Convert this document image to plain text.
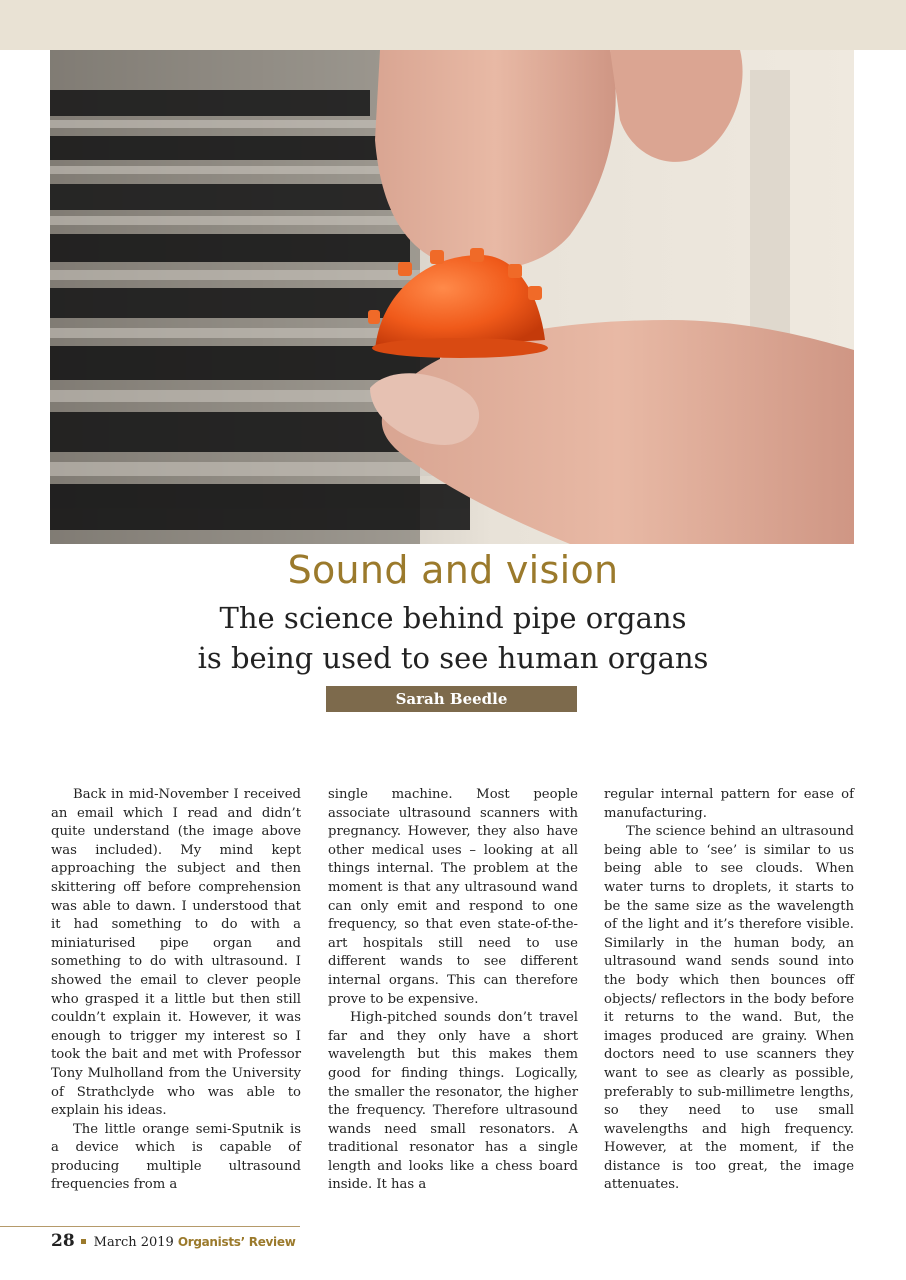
Sound and vision
The science behind pipe organs
is being used to see human organs
Sarah Beedle

Back in mid-November I received an email which I read and didn’t quite understand (the image above was included). My mind kept approaching the subject and then skittering off before comprehension was able to dawn. I understood that it had something to do with a miniaturised pipe organ and something to do with ultrasound. I showed the email to clever people who grasped it a little but then still couldn’t explain it. However, it was enough to trigger my interest so I took the bait and met with Professor Tony Mulholland from the University of Strathclyde who was able to explain his ideas.

The little orange semi-Sputnik is a device which is capable of producing multiple ultrasound frequencies from a

single machine. Most people associate ultrasound scanners with pregnancy. However, they also have other medical uses – looking at all things internal. The problem at the moment is that any ultrasound wand can only emit and respond to one frequency, so that even state-of-the-art hospitals still need to use different wands to see different internal organs. This can therefore prove to be expensive.

High-pitched sounds don’t travel far and they only have a short wavelength but this makes them good for finding things. Logically, the smaller the resonator, the higher the frequency. Therefore ultrasound wands need small resonators. A traditional resonator has a single length and looks like a chess board inside. It has a

regular internal pattern for ease of manufacturing.

The science behind an ultrasound being able to ‘see’ is similar to us being able to see clouds. When water turns to droplets, it starts to be the same size as the wavelength of the light and it’s therefore visible. Similarly in the human body, an ultrasound wand sends sound into the body which then bounces off objects/ reflectors in the body before it returns to the wand. But, the images produced are grainy. When doctors need to use scanners they want to see as clearly as possible, preferably to sub-millimetre lengths, so they need to use small wavelengths and high frequency. However, at the moment, if the distance is too great, the image attenuates.

28 March 2019 Organists’ Review
